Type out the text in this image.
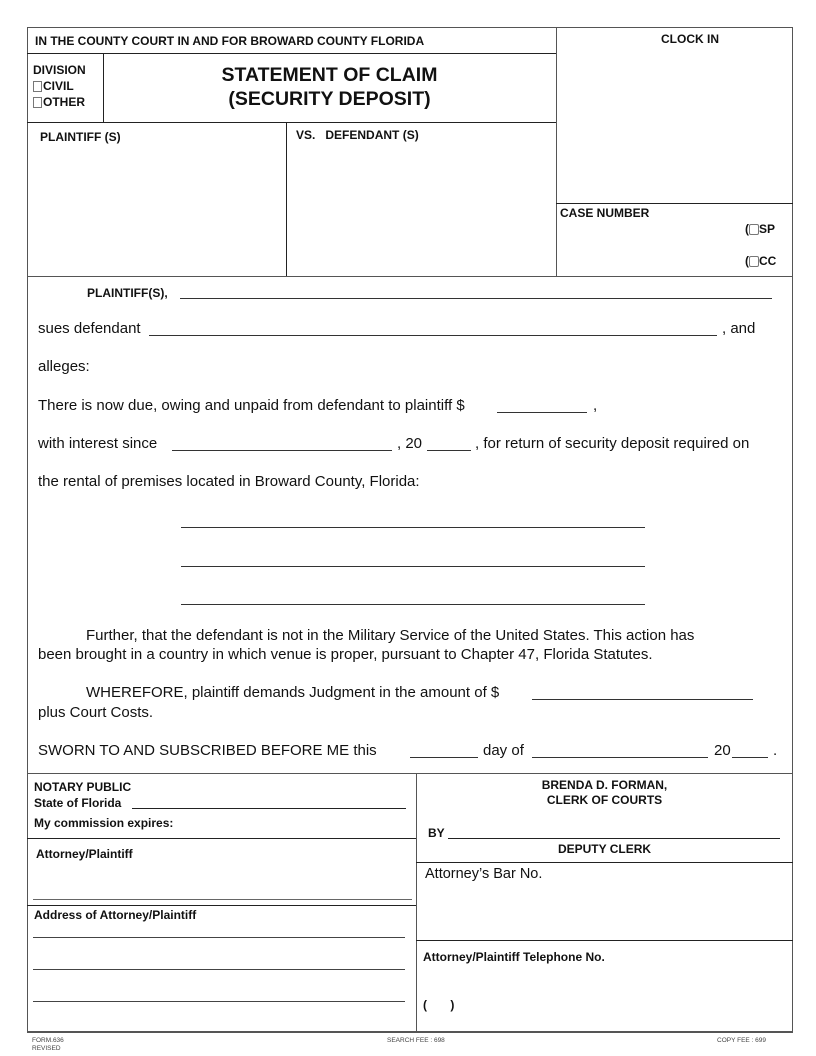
IN THE COUNTY COURT IN AND FOR BROWARD COUNTY FLORIDA
DIVISION
CIVIL
OTHER
STATEMENT OF CLAIM
(SECURITY DEPOSIT)
PLAINTIFF (S)	VS. DEFENDANT (S)
CLOCK IN
CASE NUMBER
( SP
( CC
PLAINTIFF(S),
sues defendant	, and
alleges:
There is now due, owing and unpaid from defendant to plaintiff $	,
with interest since	, 20	, for return of security deposit required on
the rental of premises located in Broward County, Florida:
Further, that the defendant is not in the Military Service of the United States. This action has
been brought in a country in which venue is proper, pursuant to Chapter 47, Florida Statutes.
WHEREFORE, plaintiff demands Judgment in the amount of $
plus Court Costs.
SWORN TO AND SUBSCRIBED BEFORE ME this	day of	20	.
NOTARY PUBLIC
State of Florida
My commission expires:
Attorney/Plaintiff
Address of Attorney/Plaintiff
BRENDA D. FORMAN,
CLERK OF COURTS
BY
DEPUTY CLERK
Attorney’s Bar No.
Attorney/Plaintiff Telephone No.
( )
FORM.636
REVISED
SEARCH FEE : 698	COPY FEE : 699
